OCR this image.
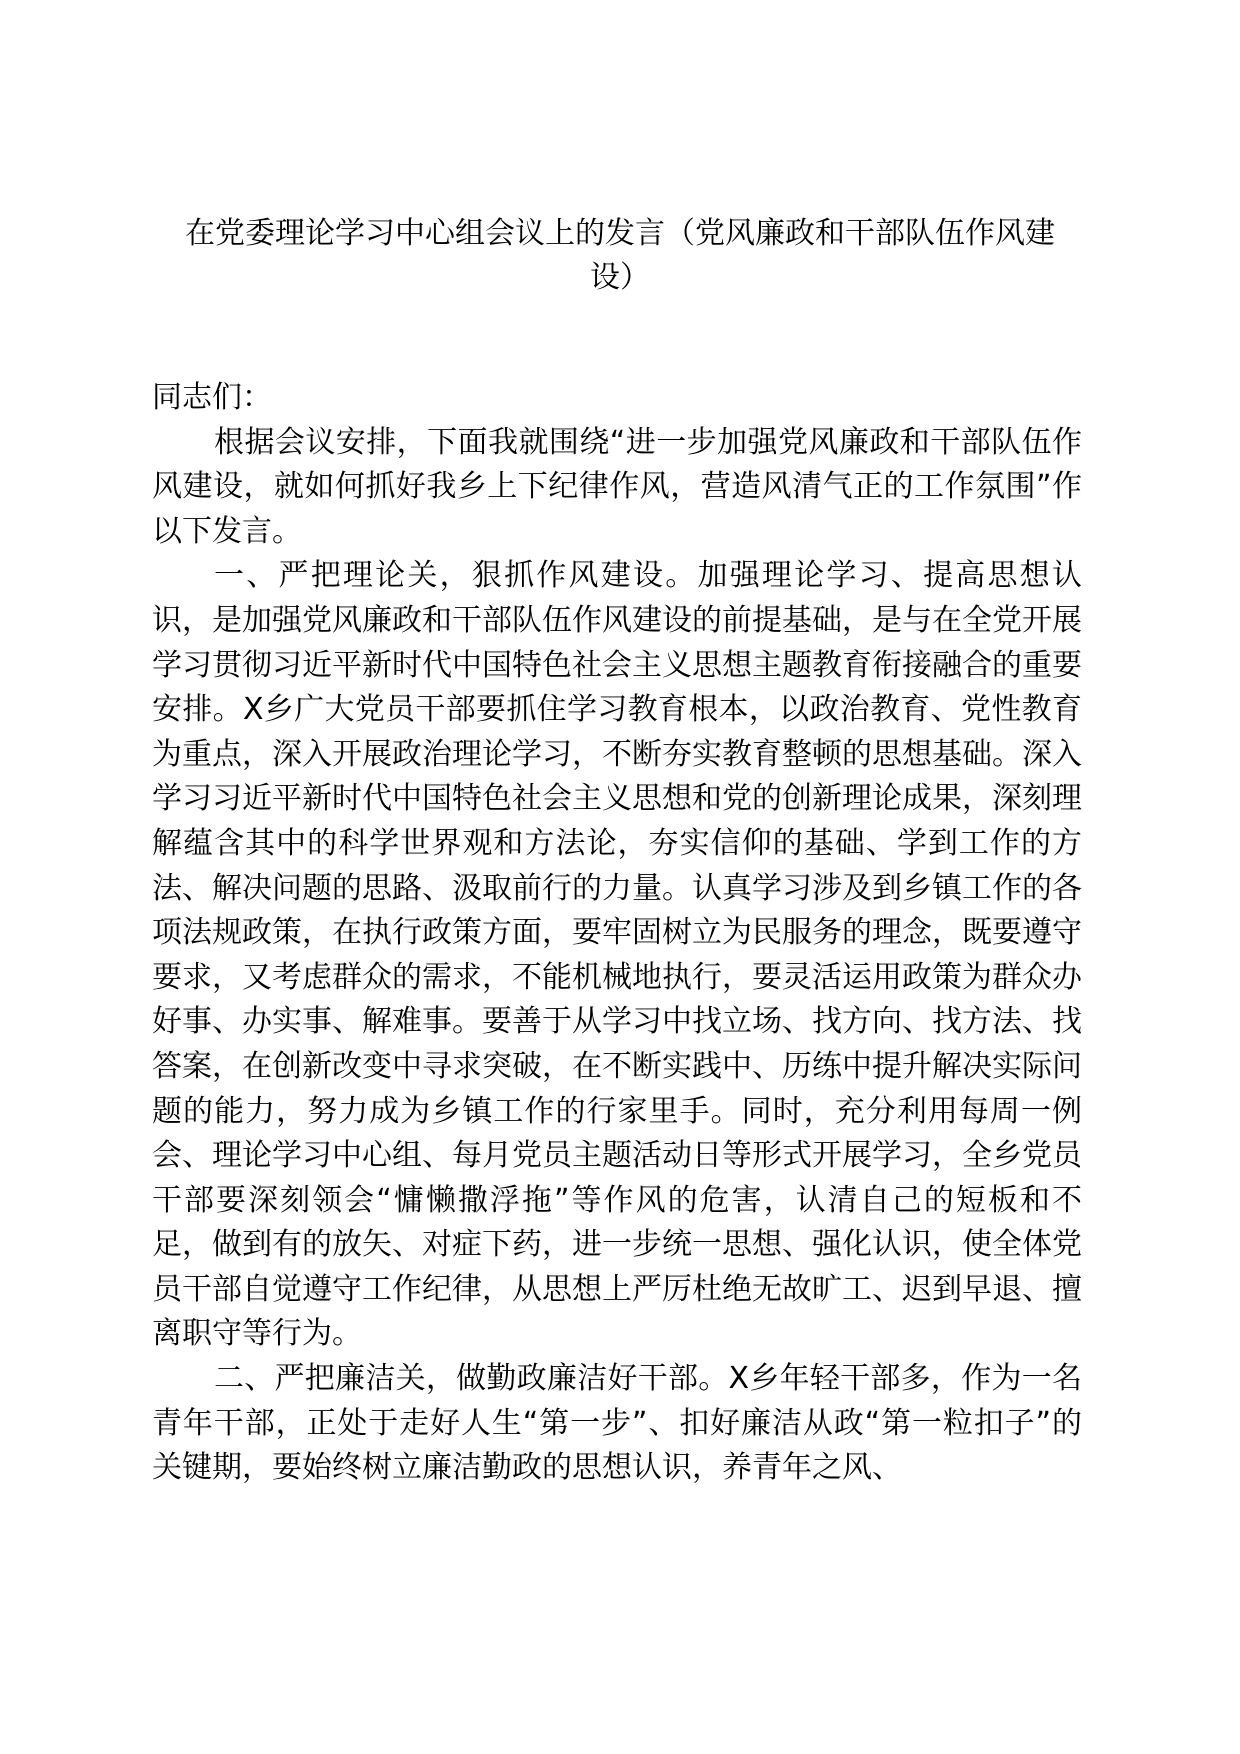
在党委理论学习中心组会议上的发言（党风廉政和干部队伍作风建
设）

同志们：

根据会议安排，下面我就围绕“进一步加强党风廉政和干部队伍作风建设，就如何抓好我乡上下纪律作风，营造风清气正的工作氛围”作以下发言。

一、严把理论关，狠抓作风建设。加强理论学习、提高思想认识，是加强党风廉政和干部队伍作风建设的前提基础，是与在全党开展学习贯彻习近平新时代中国特色社会主义思想主题教育衔接融合的重要安排。X乡广大党员干部要抓住学习教育根本，以政治教育、党性教育为重点，深入开展政治理论学习，不断夯实教育整顿的思想基础。深入学习习近平新时代中国特色社会主义思想和党的创新理论成果，深刻理解蕴含其中的科学世界观和方法论，夯实信仰的基础、学到工作的方法、解决问题的思路、汲取前行的力量。认真学习涉及到乡镇工作的各项法规政策，在执行政策方面，要牢固树立为民服务的理念，既要遵守要求，又考虑群众的需求，不能机械地执行，要灵活运用政策为群众办好事、办实事、解难事。要善于从学习中找立场、找方向、找方法、找答案，在创新改变中寻求突破，在不断实践中、历练中提升解决实际问题的能力，努力成为乡镇工作的行家里手。同时，充分利用每周一例会、理论学习中心组、每月党员主题活动日等形式开展学习，全乡党员干部要深刻领会“慵懒撒浮拖”等作风的危害，认清自己的短板和不足，做到有的放矢、对症下药，进一步统一思想、强化认识，使全体党员干部自觉遵守工作纪律，从思想上严厉杜绝无故旷工、迟到早退、擅离职守等行为。

二、严把廉洁关，做勤政廉洁好干部。X乡年轻干部多，作为一名青年干部，正处于走好人生“第一步”、扣好廉洁从政“第一粒扣子”的关键期，要始终树立廉洁勤政的思想认识，养青年之风、
